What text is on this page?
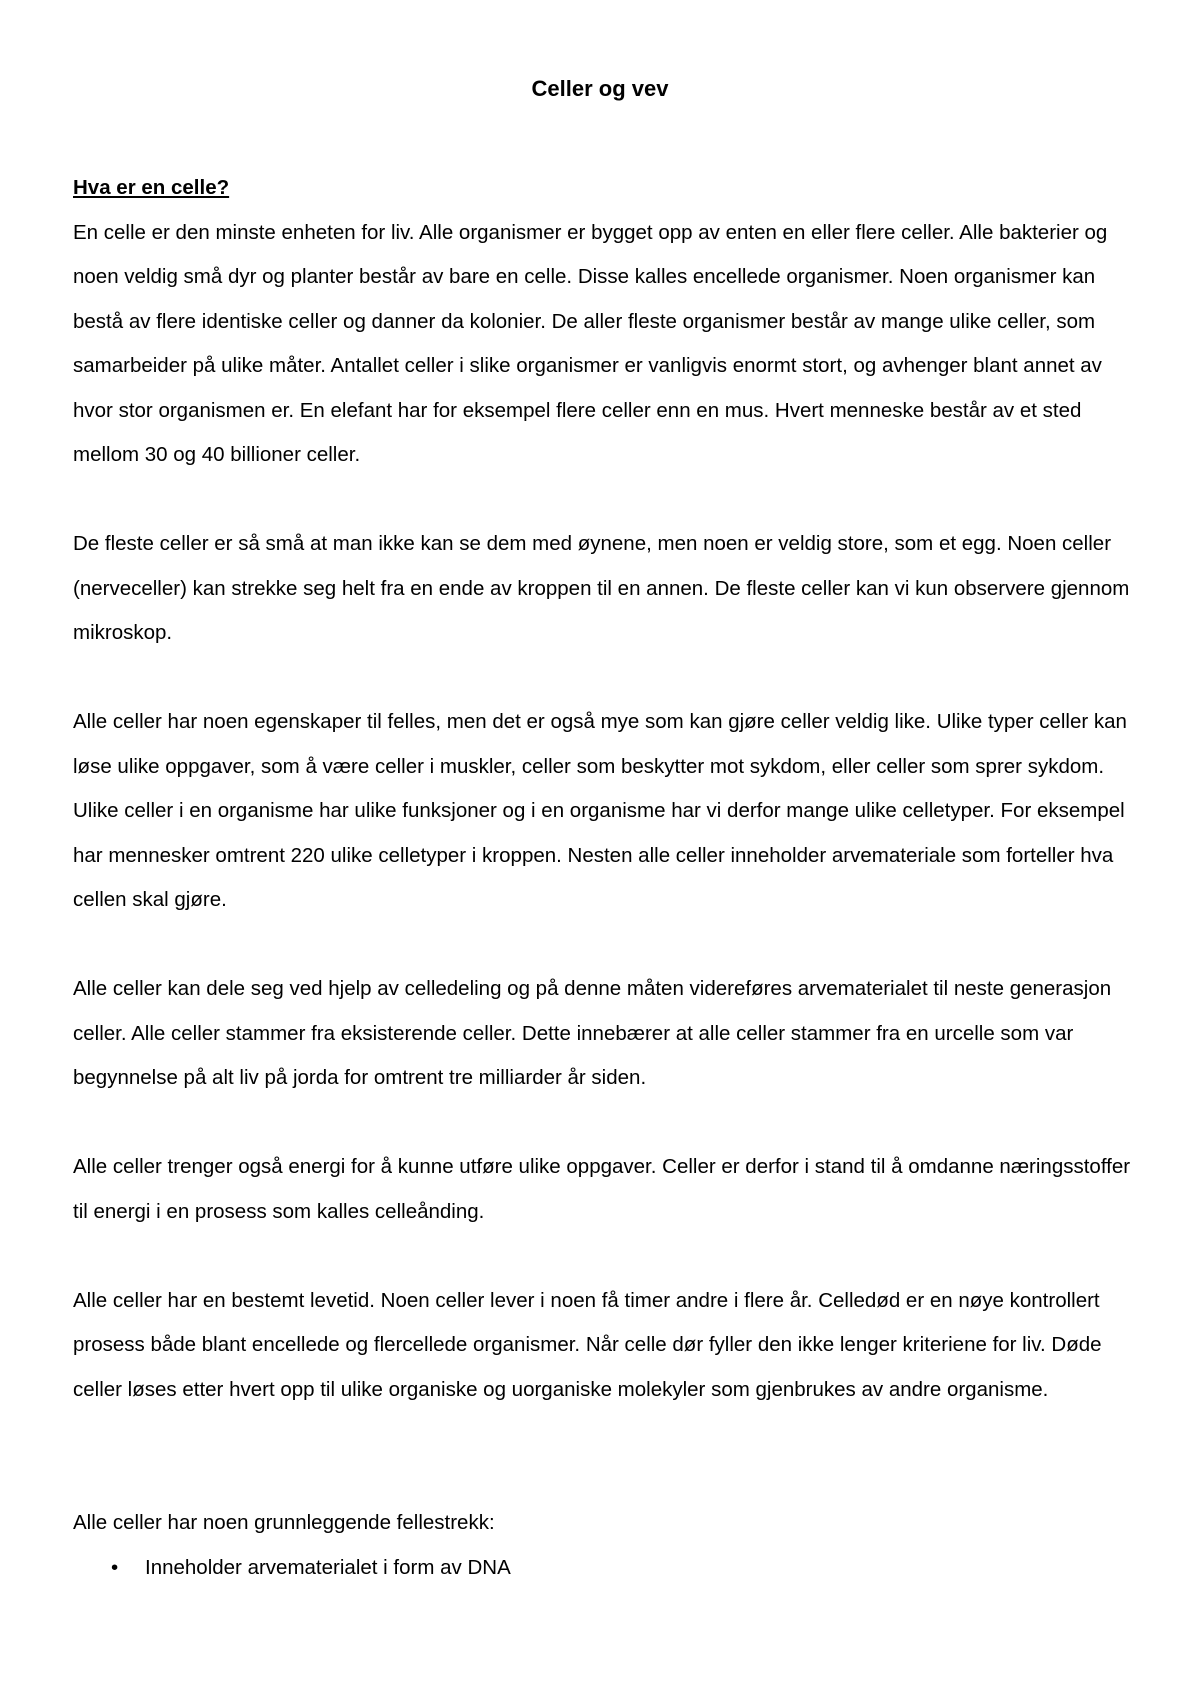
Celler og vev

Hva er en celle?

En celle er den minste enheten for liv. Alle organismer er bygget opp av enten en eller flere celler. Alle bakterier og noen veldig små dyr og planter består av bare en celle. Disse kalles encellede organismer. Noen organismer kan bestå av flere identiske celler og danner da kolonier. De aller fleste organismer består av mange ulike celler, som samarbeider på ulike måter. Antallet celler i slike organismer er vanligvis enormt stort, og avhenger blant annet av hvor stor organismen er. En elefant har for eksempel flere celler enn en mus. Hvert menneske består av et sted mellom 30 og 40 billioner celler.

De fleste celler er så små at man ikke kan se dem med øynene, men noen er veldig store, som et egg. Noen celler (nerveceller) kan strekke seg helt fra en ende av kroppen til en annen. De fleste celler kan vi kun observere gjennom mikroskop.

Alle celler har noen egenskaper til felles, men det er også mye som kan gjøre celler veldig like. Ulike typer celler kan løse ulike oppgaver, som å være celler i muskler, celler som beskytter mot sykdom, eller celler som sprer sykdom. Ulike celler i en organisme har ulike funksjoner og i en organisme har vi derfor mange ulike celletyper. For eksempel har mennesker omtrent 220 ulike celletyper i kroppen. Nesten alle celler inneholder arvemateriale som forteller hva cellen skal gjøre.

Alle celler kan dele seg ved hjelp av celledeling og på denne måten videreføres arvematerialet til neste generasjon celler. Alle celler stammer fra eksisterende celler. Dette innebærer at alle celler stammer fra en urcelle som var begynnelse på alt liv på jorda for omtrent tre milliarder år siden.

Alle celler trenger også energi for å kunne utføre ulike oppgaver. Celler er derfor i stand til å omdanne næringsstoffer til energi i en prosess som kalles celleånding.

Alle celler har en bestemt levetid. Noen celler lever i noen få timer andre i flere år. Celledød er en nøye kontrollert prosess både blant encellede og flercellede organismer. Når celle dør fyller den ikke lenger kriteriene for liv. Døde celler løses etter hvert opp til ulike organiske og uorganiske molekyler som gjenbrukes av andre organisme.

Alle celler har noen grunnleggende fellestrekk:

• Inneholder arvematerialet i form av DNA
